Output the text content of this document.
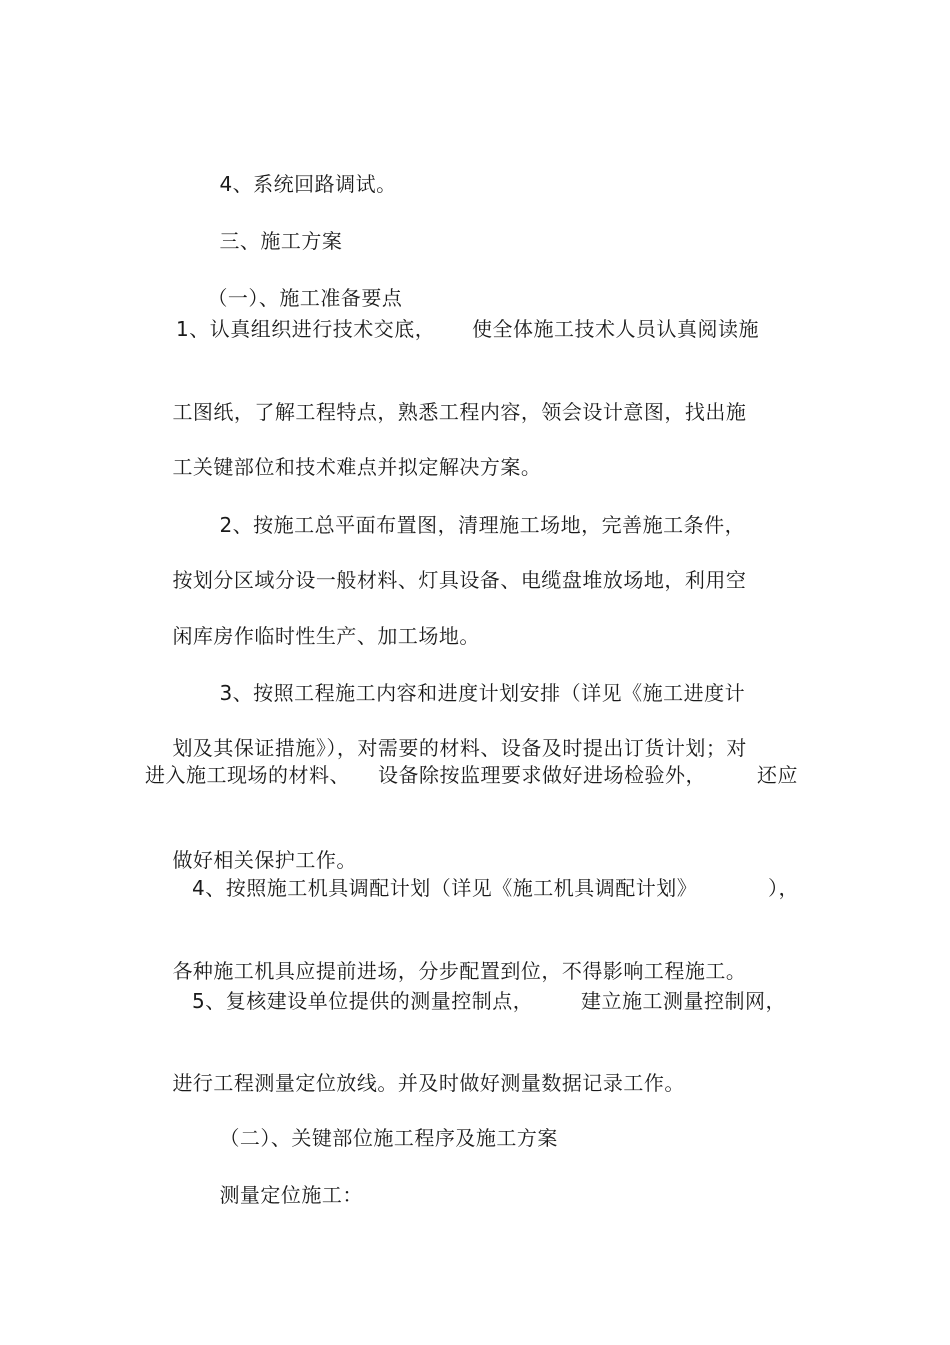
4、系统回路调试。

三、施工方案

（一）、施工准备要点

1、认真组织进行技术交底，

使全体施工技术人员认真阅读施

工图纸，了解工程特点，熟悉工程内容，领会设计意图，找出施

工关键部位和技术难点并拟定解决方案。

2、按施工总平面布置图，清理施工场地，完善施工条件，

按划分区域分设一般材料、灯具设备、电缆盘堆放场地，利用空

闲库房作临时性生产、加工场地。

3、按照工程施工内容和进度计划安排（详见《施工进度计

划及其保证措施》），对需要的材料、设备及时提出订货计划；对

进入施工现场的材料、

设备除按监理要求做好进场检验外，

	还应

做好相关保护工作。

4、按照施工机具调配计划（详见《施工机具调配计划》

	），

各种施工机具应提前进场，分步配置到位，不得影响工程施工。

5、复核建设单位提供的测量控制点，

建立施工测量控制网，

进行工程测量定位放线。并及时做好测量数据记录工作。

（二）、关键部位施工程序及施工方案

测量定位施工：
